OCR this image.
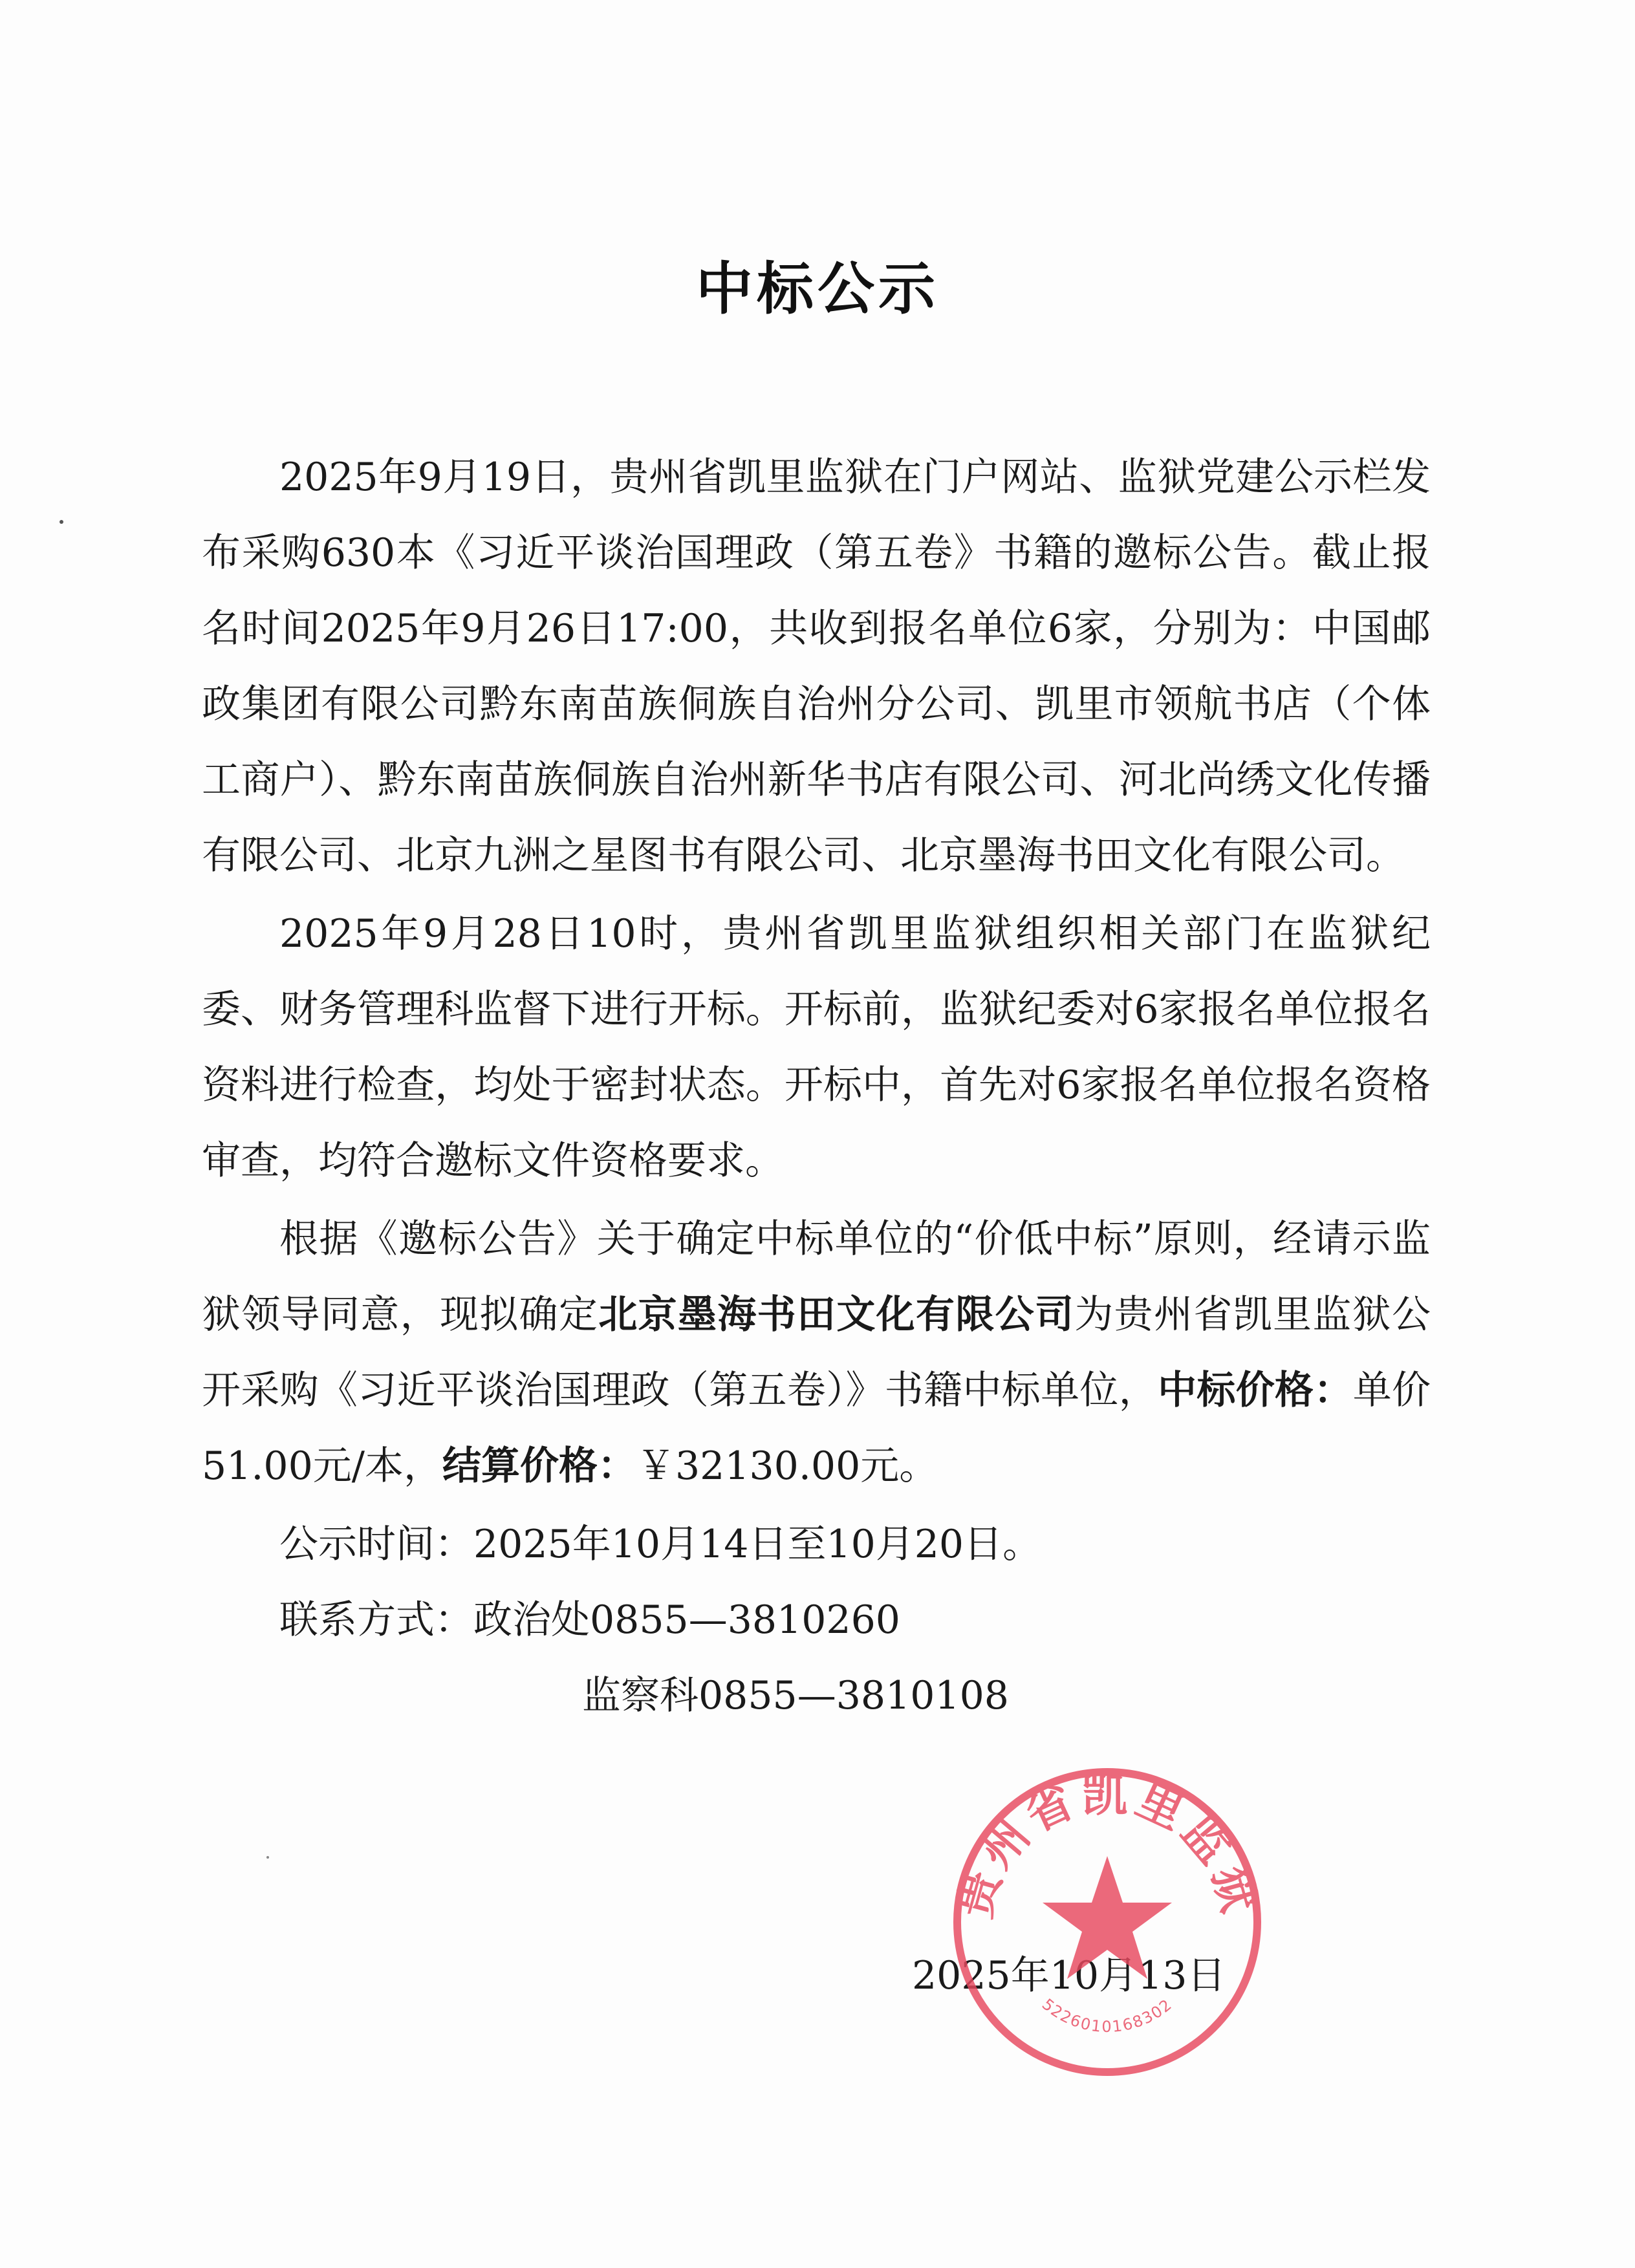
中标公示

2025年9月19日，贵州省凯里监狱在门户网站、监狱党建公示栏发布采购630本《习近平谈治国理政（第五卷》书籍的邀标公告。截止报名时间2025年9月26日17:00，共收到报名单位6家，分别为：中国邮政集团有限公司黔东南苗族侗族自治州分公司、凯里市领航书店（个体工商户）、黔东南苗族侗族自治州新华书店有限公司、河北尚绣文化传播有限公司、北京九洲之星图书有限公司、北京墨海书田文化有限公司。

2025年9月28日10时，贵州省凯里监狱组织相关部门在监狱纪委、财务管理科监督下进行开标。开标前，监狱纪委对6家报名单位报名资料进行检查，均处于密封状态。开标中，首先对6家报名单位报名资格审查，均符合邀标文件资格要求。

根据《邀标公告》关于确定中标单位的“价低中标”原则，经请示监狱领导同意，现拟确定北京墨海书田文化有限公司为贵州省凯里监狱公开采购《习近平谈治国理政（第五卷）》书籍中标单位，中标价格：单价51.00元/本，结算价格：￥32130.00元。

公示时间：2025年10月14日至10月20日。

联系方式：政治处0855—3810260

监察科0855—3810108

2025年10月13日
贵州省凯里监狱
5226010168302
